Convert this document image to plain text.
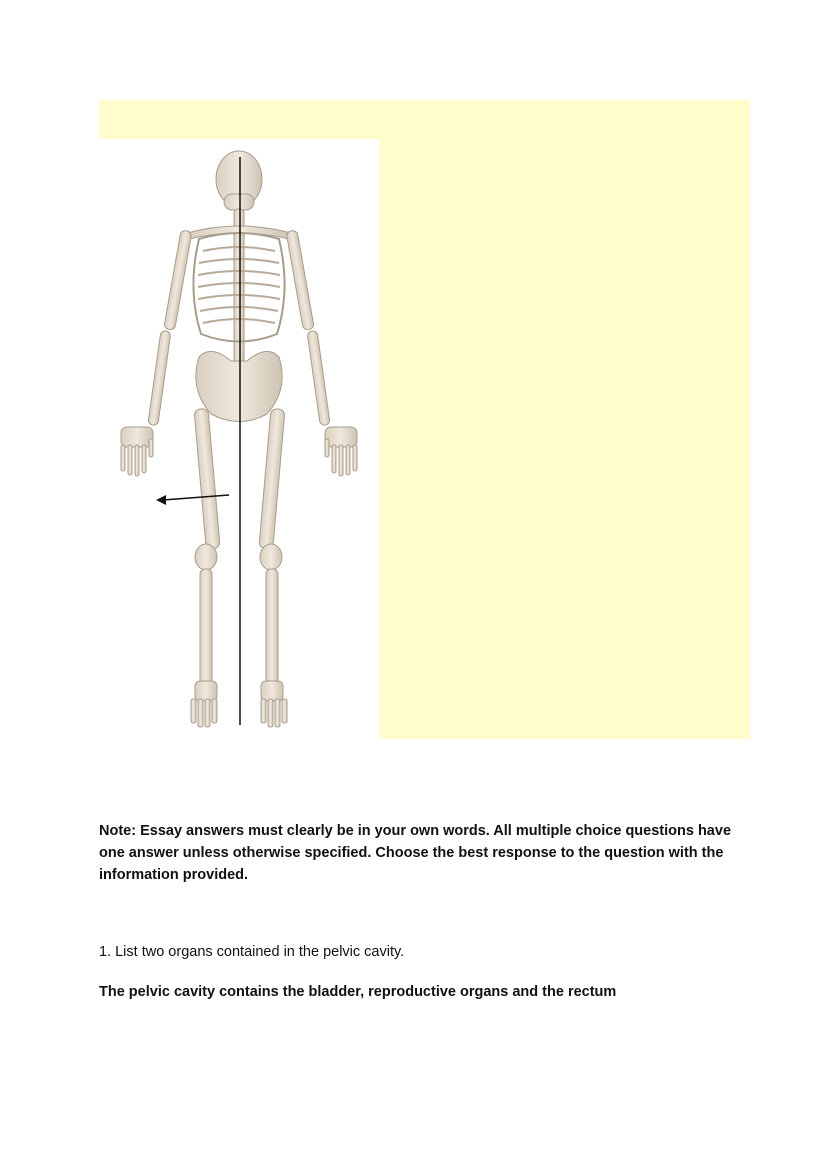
Note: Essay answers must clearly be in your own words. All multiple choice questions have one answer unless otherwise specified. Choose the best response to the question with the information provided.

1. List two organs contained in the pelvic cavity.

The pelvic cavity contains the bladder, reproductive organs and the rectum
